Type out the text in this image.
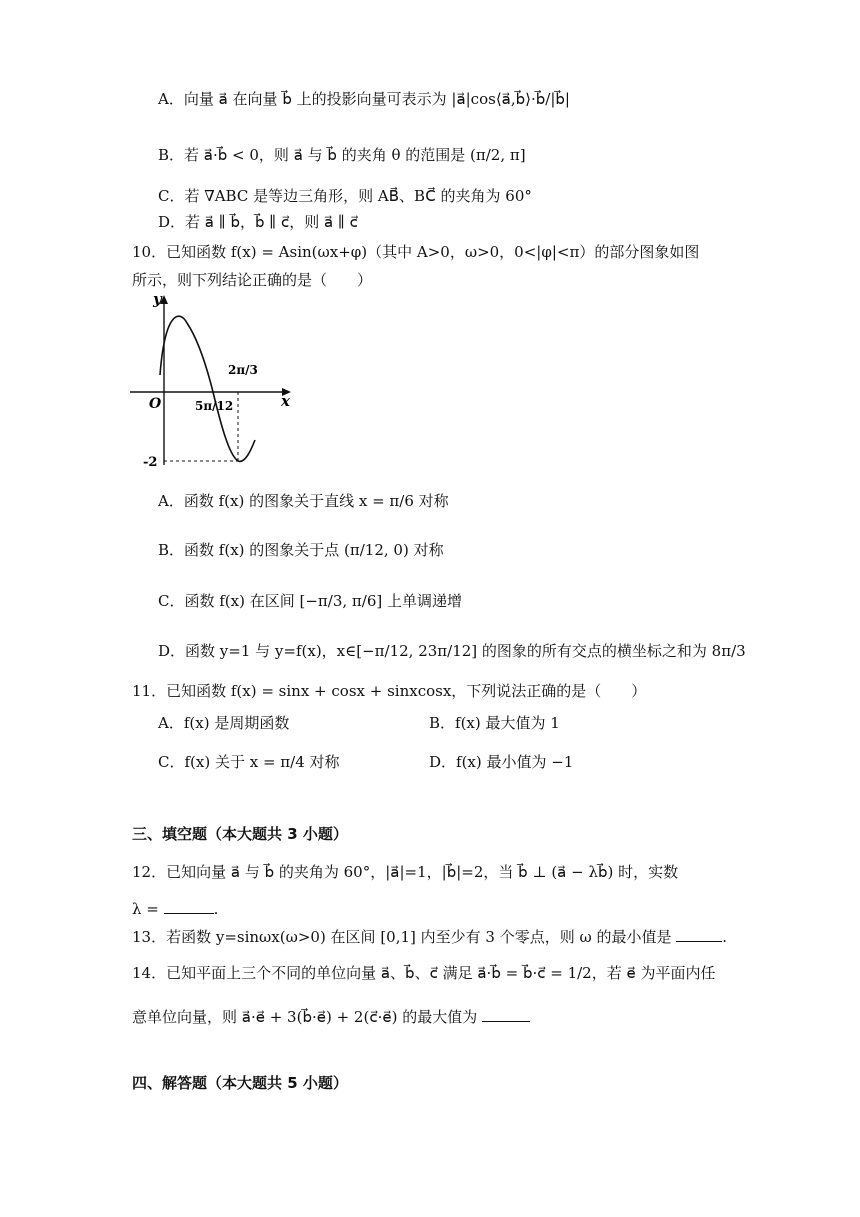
A．向量 a⃗ 在向量 b⃗ 上的投影向量可表示为 |a⃗|cos⟨a⃗,b⃗⟩·b⃗/|b⃗|
B．若 a⃗·b⃗ < 0，则 a⃗ 与 b⃗ 的夹角 θ 的范围是 (π/2, π]
C．若 ∇ABC 是等边三角形，则 AB⃗、BC⃗ 的夹角为 60°
D．若 a⃗ ∥ b⃗，b⃗ ∥ c⃗，则 a⃗ ∥ c⃗
10．已知函数 f(x) = Asin(ωx+φ)（其中 A>0，ω>0，0<|φ|<π）的部分图象如图
所示，则下列结论正确的是（　　）
y
x
O	5π/12
2π/3
-2
A．函数 f(x) 的图象关于直线 x = π/6 对称
B．函数 f(x) 的图象关于点 (π/12, 0) 对称
C．函数 f(x) 在区间 [−π/3, π/6] 上单调递增
D．函数 y=1 与 y=f(x)，x∈[−π/12, 23π/12] 的图象的所有交点的横坐标之和为 8π/3
11．已知函数 f(x) = sinx + cosx + sinxcosx，下列说法正确的是（　　）
A．f(x) 是周期函数	B．f(x) 最大值为 1
C．f(x) 关于 x = π/4 对称	D．f(x) 最小值为 −1
三、填空题（本大题共 3 小题）
12．已知向量 a⃗ 与 b⃗ 的夹角为 60°，|a⃗|=1，|b⃗|=2，当 b⃗ ⊥ (a⃗ − λb⃗) 时，实数
λ =	.
13．若函数 y=sinωx(ω>0) 在区间 [0,1] 内至少有 3 个零点，则 ω 的最小值是	.
14．已知平面上三个不同的单位向量 a⃗、b⃗、c⃗ 满足 a⃗·b⃗ = b⃗·c⃗ = 1/2，若 e⃗ 为平面内任
意单位向量，则 a⃗·e⃗ + 3(b⃗·e⃗) + 2(c⃗·e⃗) 的最大值为
四、解答题（本大题共 5 小题）
